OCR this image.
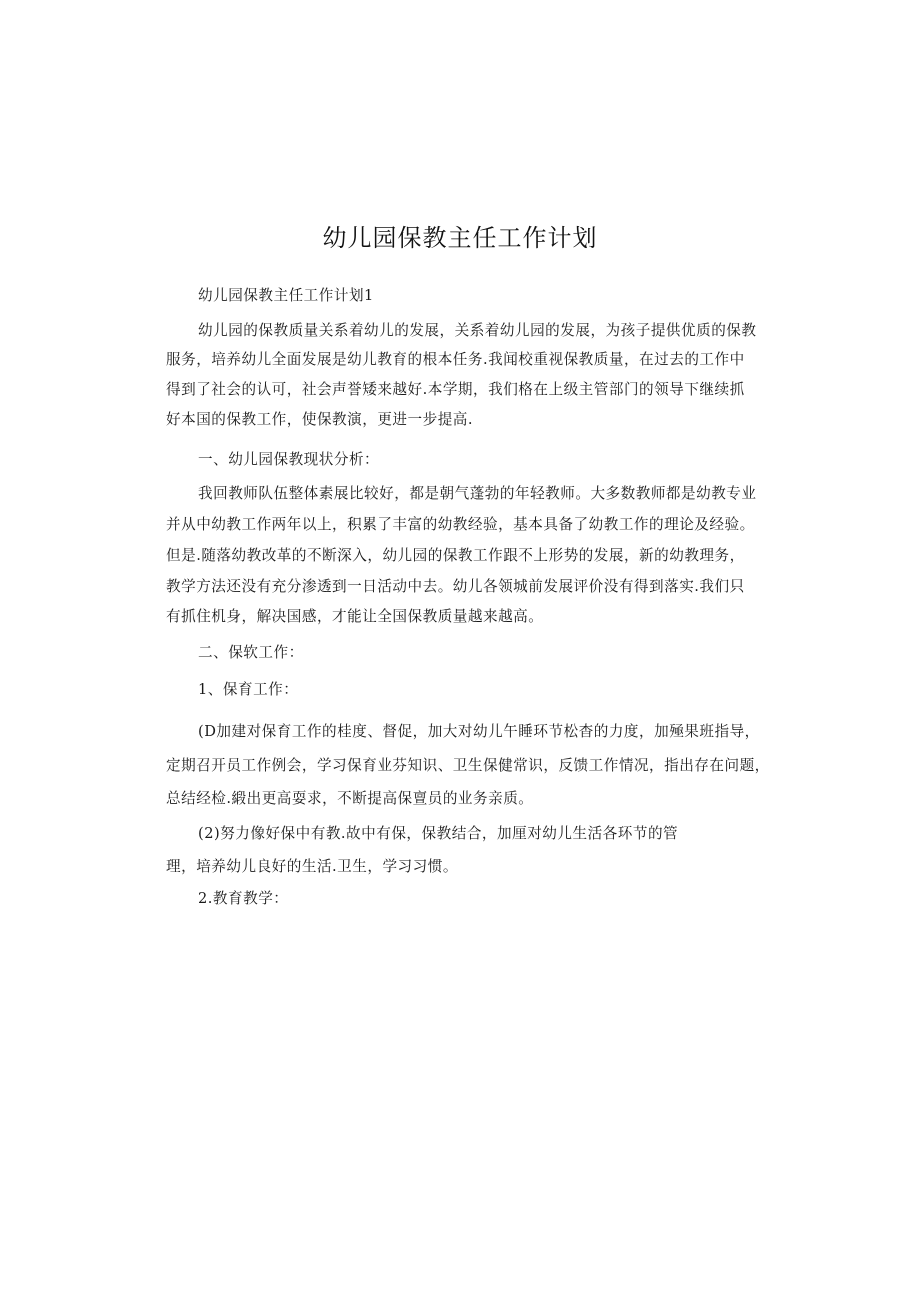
幼儿园保教主任工作计划
幼儿园保教主任工作计划1
幼儿园的保教质量关系着幼儿的发展，关系着幼儿园的发展，为孩子提供优质的保教
服务，培养幼儿全面发展是幼儿教育的根本任务.我闻校重视保教质量，在过去的工作中
得到了社会的认可，社会声誉矮来越好.本学期，我们格在上级主管部门的领导下继续抓
好本国的保教工作，使保教演，更进一步提高.
一、幼儿园保教现状分析：
我回教师队伍整体素展比较好，都是朝气蓬勃的年轻教师。大多数教师都是幼教专业
并从中幼教工作两年以上，积累了丰富的幼教经验，基本具备了幼教工作的理论及经验。
但是.随落幼教改革的不断深入，幼儿园的保教工作跟不上形势的发展，新的幼教理务，
教学方法还没有充分渗透到一日活动中去。幼儿各领城前发展评价没有得到落实.我们只
有抓住机身，解决国感，才能让全国保教质量越来越高。
二、保软工作：
1、保育工作：
(D加建对保育工作的桂度、督促，加大对幼儿午睡环节松杳的力度，加殛果班指导，
定期召开员工作例会，学习保育业芬知识、卫生保健常识，反馈工作情况，指出存在问题，
总结经检.緞出更高耍求，不断提高保亶员的业务亲质。
(2)努力像好保中有教.故中有保，保教结合，加厘对幼儿生活各环节的管
理，培养幼儿良好的生活.卫生，学习习惯。
2.教育教学：
